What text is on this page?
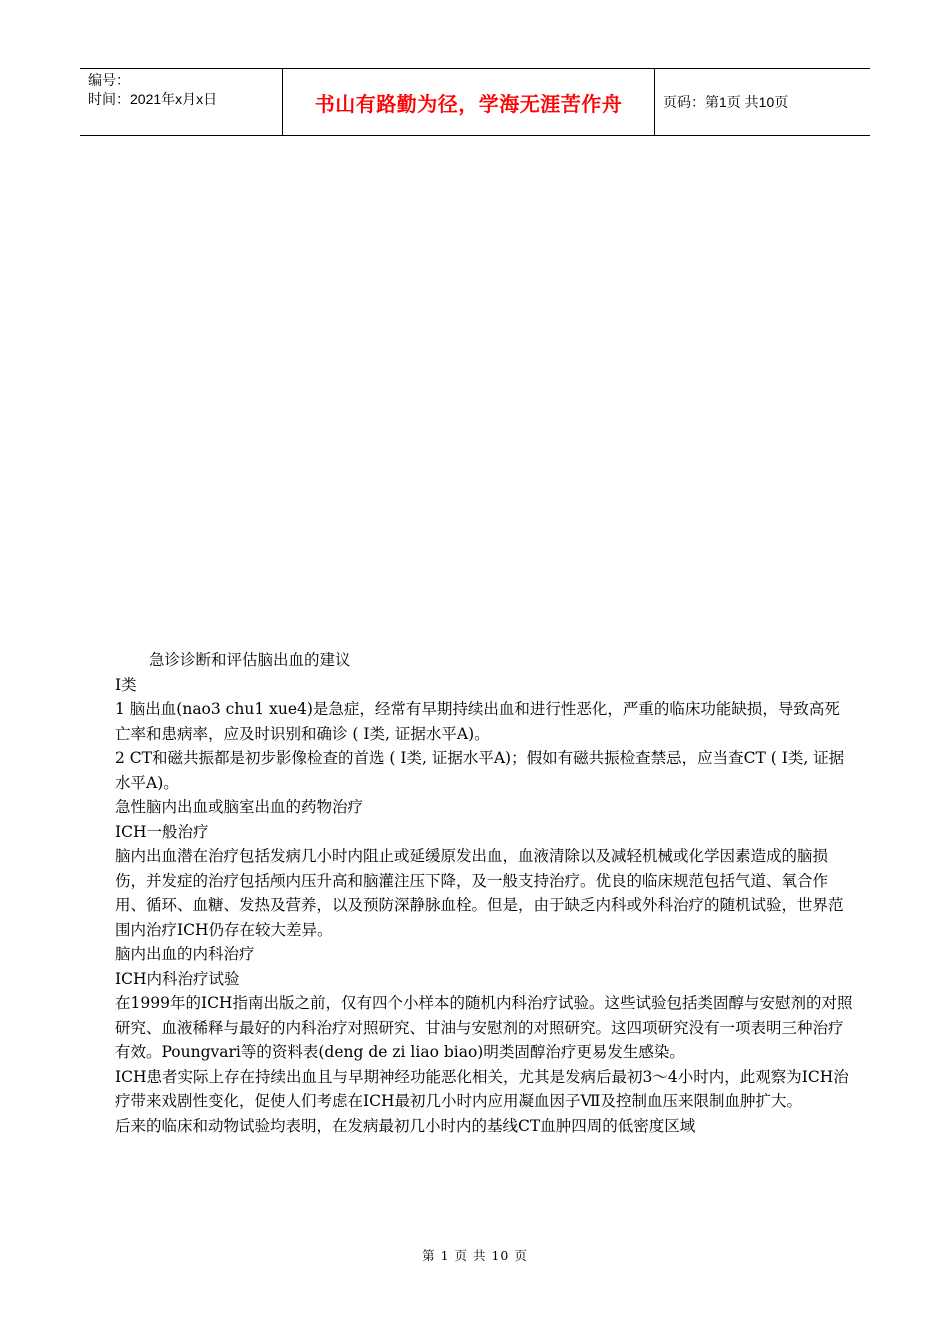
编号：
时间：2021年x月x日	书山有路勤为径，学海无涯苦作舟	页码：第1页 共10页

急诊诊断和评估脑出血的建议

I类

1 脑出血(nao3 chu1 xue4)是急症，经常有早期持续出血和进行性恶化，严重的临床功能缺损，导致高死亡率和患病率，应及时识别和确诊 ( I类, 证据水平A)。

2 CT和磁共振都是初步影像检查的首选 ( I类, 证据水平A)；假如有磁共振检查禁忌，应当查CT ( I类, 证据水平A)。

急性脑内出血或脑室出血的药物治疗

ICH一般治疗

脑内出血潜在治疗包括发病几小时内阻止或延缓原发出血，血液清除以及减轻机械或化学因素造成的脑损伤，并发症的治疗包括颅内压升高和脑灌注压下降，及一般支持治疗。优良的临床规范包括气道、氧合作用、循环、血糖、发热及营养，以及预防深静脉血栓。但是，由于缺乏内科或外科治疗的随机试验，世界范围内治疗ICH仍存在较大差异。

脑内出血的内科治疗

ICH内科治疗试验

在1999年的ICH指南出版之前，仅有四个小样本的随机内科治疗试验。这些试验包括类固醇与安慰剂的对照研究、血液稀释与最好的内科治疗对照研究、甘油与安慰剂的对照研究。这四项研究没有一项表明三种治疗有效。Poungvari等的资料表(deng de zi liao biao)明类固醇治疗更易发生感染。

ICH患者实际上存在持续出血且与早期神经功能恶化相关，尤其是发病后最初3～4小时内，此观察为ICH治疗带来戏剧性变化，促使人们考虑在ICH最初几小时内应用凝血因子Ⅶ及控制血压来限制血肿扩大。

后来的临床和动物试验均表明，在发病最初几小时内的基线CT血肿四周的低密度区域

第 1 页 共 10 页
